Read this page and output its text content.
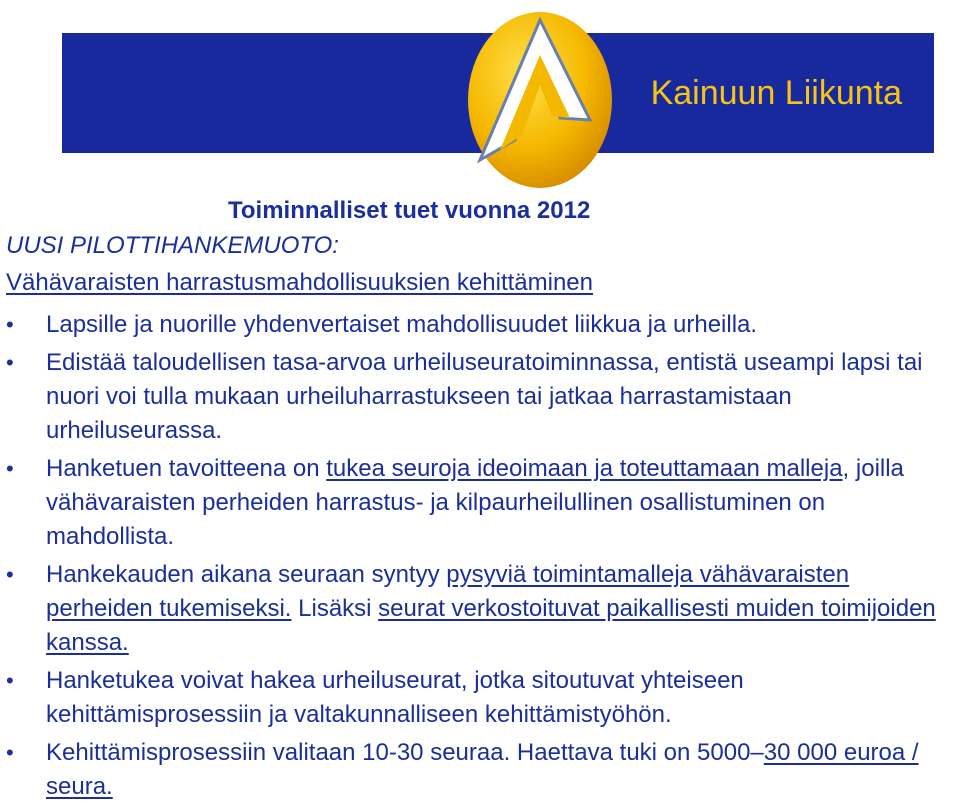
Kainuun Liikunta
Toiminnalliset tuet vuonna 2012
UUSI PILOTTIHANKEMUOTO:
Vähävaraisten harrastusmahdollisuuksien kehittäminen
• Lapsille ja nuorille yhdenvertaiset mahdollisuudet liikkua ja urheilla.
• Edistää taloudellisen tasa-arvoa urheiluseuratoiminnassa, entistä useampi lapsi tai nuori voi tulla mukaan urheiluharrastukseen tai jatkaa harrastamistaan urheiluseurassa.
• Hanketuen tavoitteena on tukea seuroja ideoimaan ja toteuttamaan malleja, joilla vähävaraisten perheiden harrastus- ja kilpaurheilullinen osallistuminen on mahdollista.
• Hankekauden aikana seuraan syntyy pysyviä toimintamalleja vähävaraisten perheiden tukemiseksi. Lisäksi seurat verkostoituvat paikallisesti muiden toimijoiden kanssa.
• Hanketukea voivat hakea urheiluseurat, jotka sitoutuvat yhteiseen kehittämisprosessiin ja valtakunnalliseen kehittämistyöhön.
• Kehittämisprosessiin valitaan 10-30 seuraa. Haettava tuki on 5000–30 000 euroa / seura.
